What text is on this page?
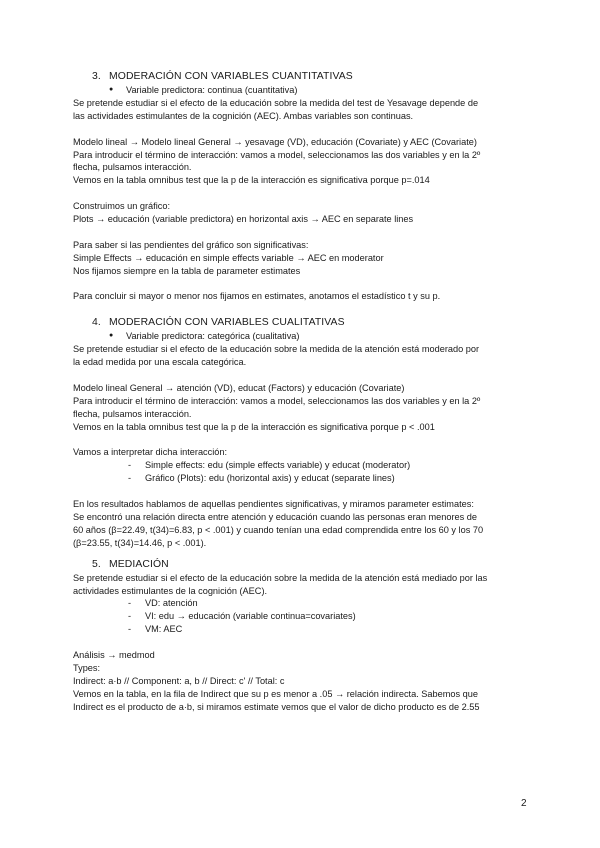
3. MODERACIÓN CON VARIABLES CUANTITATIVAS
● Variable predictora: continua (cuantitativa)
Se pretende estudiar si el efecto de la educación sobre la medida del test de Yesavage depende de
las actividades estimulantes de la cognición (AEC). Ambas variables son continuas.
Modelo lineal → Modelo lineal General → yesavage (VD), educación (Covariate) y AEC (Covariate)
Para introducir el término de interacción: vamos a model, seleccionamos las dos variables y en la 2º
flecha, pulsamos interacción.
Vemos en la tabla omnibus test que la p de la interacción es significativa porque p=.014
Construimos un gráfico:
Plots → educación (variable predictora) en horizontal axis → AEC en separate lines
Para saber si las pendientes del gráfico son significativas:
Simple Effects → educación en simple effects variable → AEC en moderator
Nos fijamos siempre en la tabla de parameter estimates
Para concluir si mayor o menor nos fijamos en estimates, anotamos el estadístico t y su p.
4. MODERACIÓN CON VARIABLES CUALITATIVAS
● Variable predictora: categórica (cualitativa)
Se pretende estudiar si el efecto de la educación sobre la medida de la atención está moderado por
la edad medida por una escala categórica.
Modelo lineal General → atención (VD), educat (Factors) y educación (Covariate)
Para introducir el término de interacción: vamos a model, seleccionamos las dos variables y en la 2º
flecha, pulsamos interacción.
Vemos en la tabla omnibus test que la p de la interacción es significativa porque p < .001
Vamos a interpretar dicha interacción:
- Simple effects: edu (simple effects variable) y educat (moderator)
- Gráfico (Plots): edu (horizontal axis) y educat (separate lines)
En los resultados hablamos de aquellas pendientes significativas, y miramos parameter estimates:
Se encontró una relación directa entre atención y educación cuando las personas eran menores de
60 años (β=22.49, t(34)=6.83, p < .001) y cuando tenían una edad comprendida entre los 60 y los 70
(β=23.55, t(34)=14.46, p < .001).
5. MEDIACIÓN
Se pretende estudiar si el efecto de la educación sobre la medida de la atención está mediado por las
actividades estimulantes de la cognición (AEC).
- VD: atención
- VI: edu → educación (variable continua=covariates)
- VM: AEC
Análisis → medmod
Types:
Indirect: a·b // Component: a, b // Direct: c' // Total: c
Vemos en la tabla, en la fila de Indirect que su p es menor a .05 → relación indirecta. Sabemos que
Indirect es el producto de a·b, si miramos estimate vemos que el valor de dicho producto es de 2.55
2
